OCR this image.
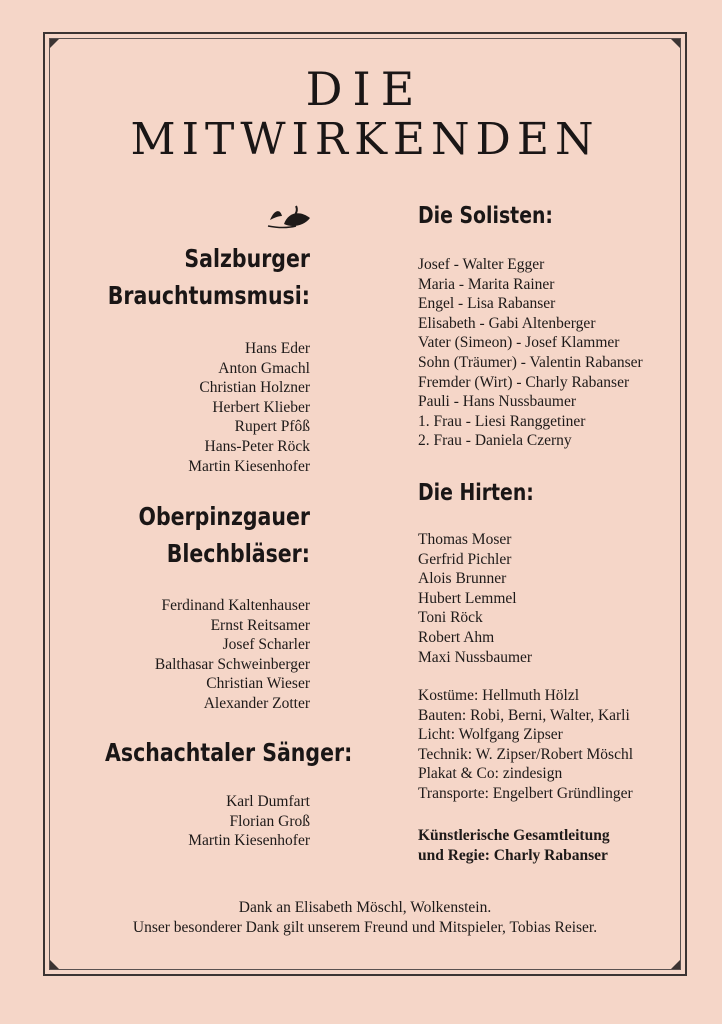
DIE
MITWIRKENDEN

Salzburger

Brauchtumsmusi:

Hans Eder
Anton Gmachl
Christian Holzner
Herbert Klieber
Rupert Pfôß
Hans-Peter Röck
Martin Kiesenhofer

Oberpinzgauer

Blechbläser:

Ferdinand Kaltenhauser
Ernst Reitsamer
Josef Scharler
Balthasar Schweinberger
Christian Wieser
Alexander Zotter

Aschachtaler Sänger:

Karl Dumfart
Florian Groß
Martin Kiesenhofer

Die Solisten:

Josef - Walter Egger
Maria - Marita Rainer
Engel - Lisa Rabanser
Elisabeth - Gabi Altenberger
Vater (Simeon) - Josef Klammer
Sohn (Träumer) - Valentin Rabanser
Fremder (Wirt) - Charly Rabanser
Pauli - Hans Nussbaumer
1. Frau - Liesi Ranggetiner
2. Frau - Daniela Czerny

Die Hirten:

Thomas Moser
Gerfrid Pichler
Alois Brunner
Hubert Lemmel
Toni Röck
Robert Ahm
Maxi Nussbaumer
Kostüme: Hellmuth Hölzl
Bauten: Robi, Berni, Walter, Karli
Licht: Wolfgang Zipser
Technik: W. Zipser/Robert Möschl
Plakat & Co: zindesign
Transporte: Engelbert Gründlinger

Künstlerische Gesamtleitung

und Regie: Charly Rabanser

Dank an Elisabeth Möschl, Wolkenstein.

Unser besonderer Dank gilt unserem Freund und Mitspieler, Tobias Reiser.
